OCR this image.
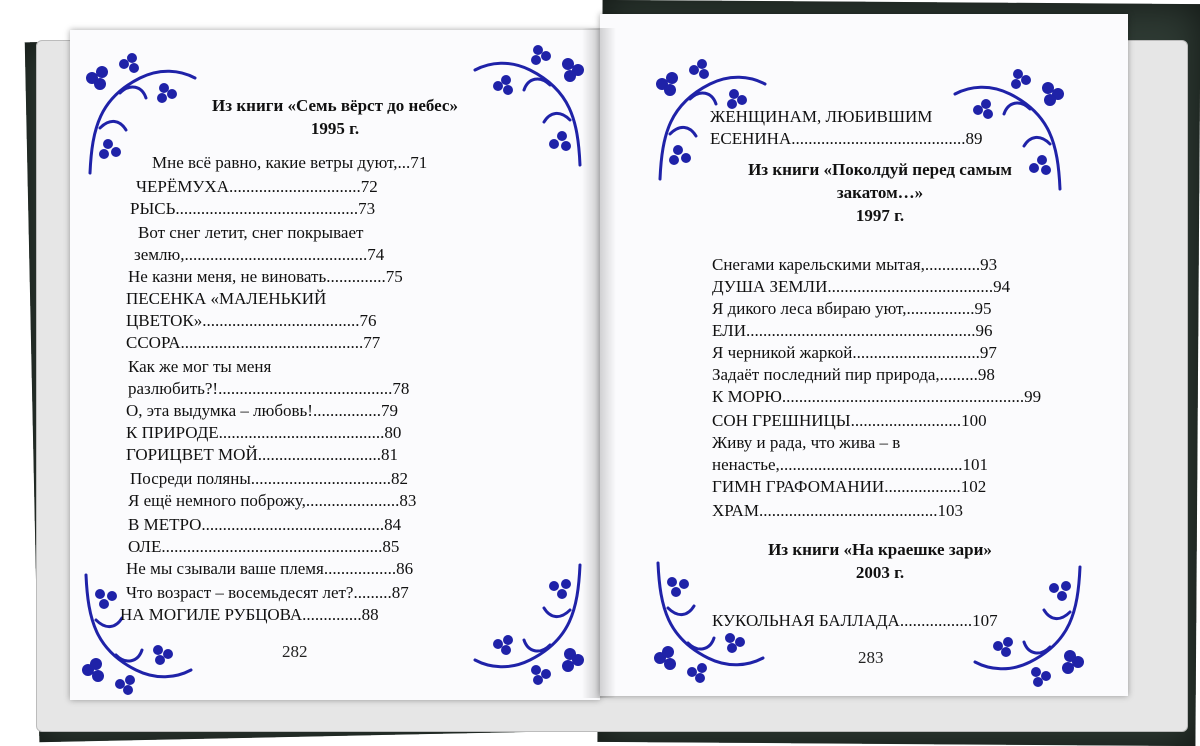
Из книги «Семь вёрст до небес»
1995 г.
Мне всё равно, какие ветры дуют,...71
ЧЕРЁМУХА...............................72
РЫСЬ...........................................73
Вот снег летит, снег покрывает
землю,...........................................74
Не казни меня, не виновать..............75
ПЕСЕНКА «МАЛЕНЬКИЙ
ЦВЕТОК».....................................76
ССОРА...........................................77
Как же мог ты меня
разлюбить?!.........................................78
О, эта выдумка – любовь!................79
К ПРИРОДЕ.......................................80
ГОРИЦВЕТ МОЙ.............................81
Посреди поляны.................................82
Я ещё немного поброжу,......................83
В МЕТРО...........................................84
ОЛЕ....................................................85
Не мы сзывали ваше племя.................86
Что возраст – восемьдесят лет?.........87
НА МОГИЛЕ РУБЦОВА..............88
282
ЖЕНЩИНАМ, ЛЮБИВШИМ
ЕСЕНИНА.........................................89
Из книги «Поколдуй перед самым
закатом…»
1997 г.
Снегами карельскими мытая,.............93
ДУША ЗЕМЛИ.......................................94
Я дикого леса вбираю уют,................95
ЕЛИ......................................................96
Я черникой жаркой..............................97
Задаёт последний пир природа,.........98
К МОРЮ.........................................................99
СОН ГРЕШНИЦЫ..........................100
Живу и рада, что жива – в
ненастье,...........................................101
ГИМН ГРАФОМАНИИ..................102
ХРАМ..........................................103
Из книги «На краешке зари»
2003 г.
КУКОЛЬНАЯ БАЛЛАДА.................107
283
